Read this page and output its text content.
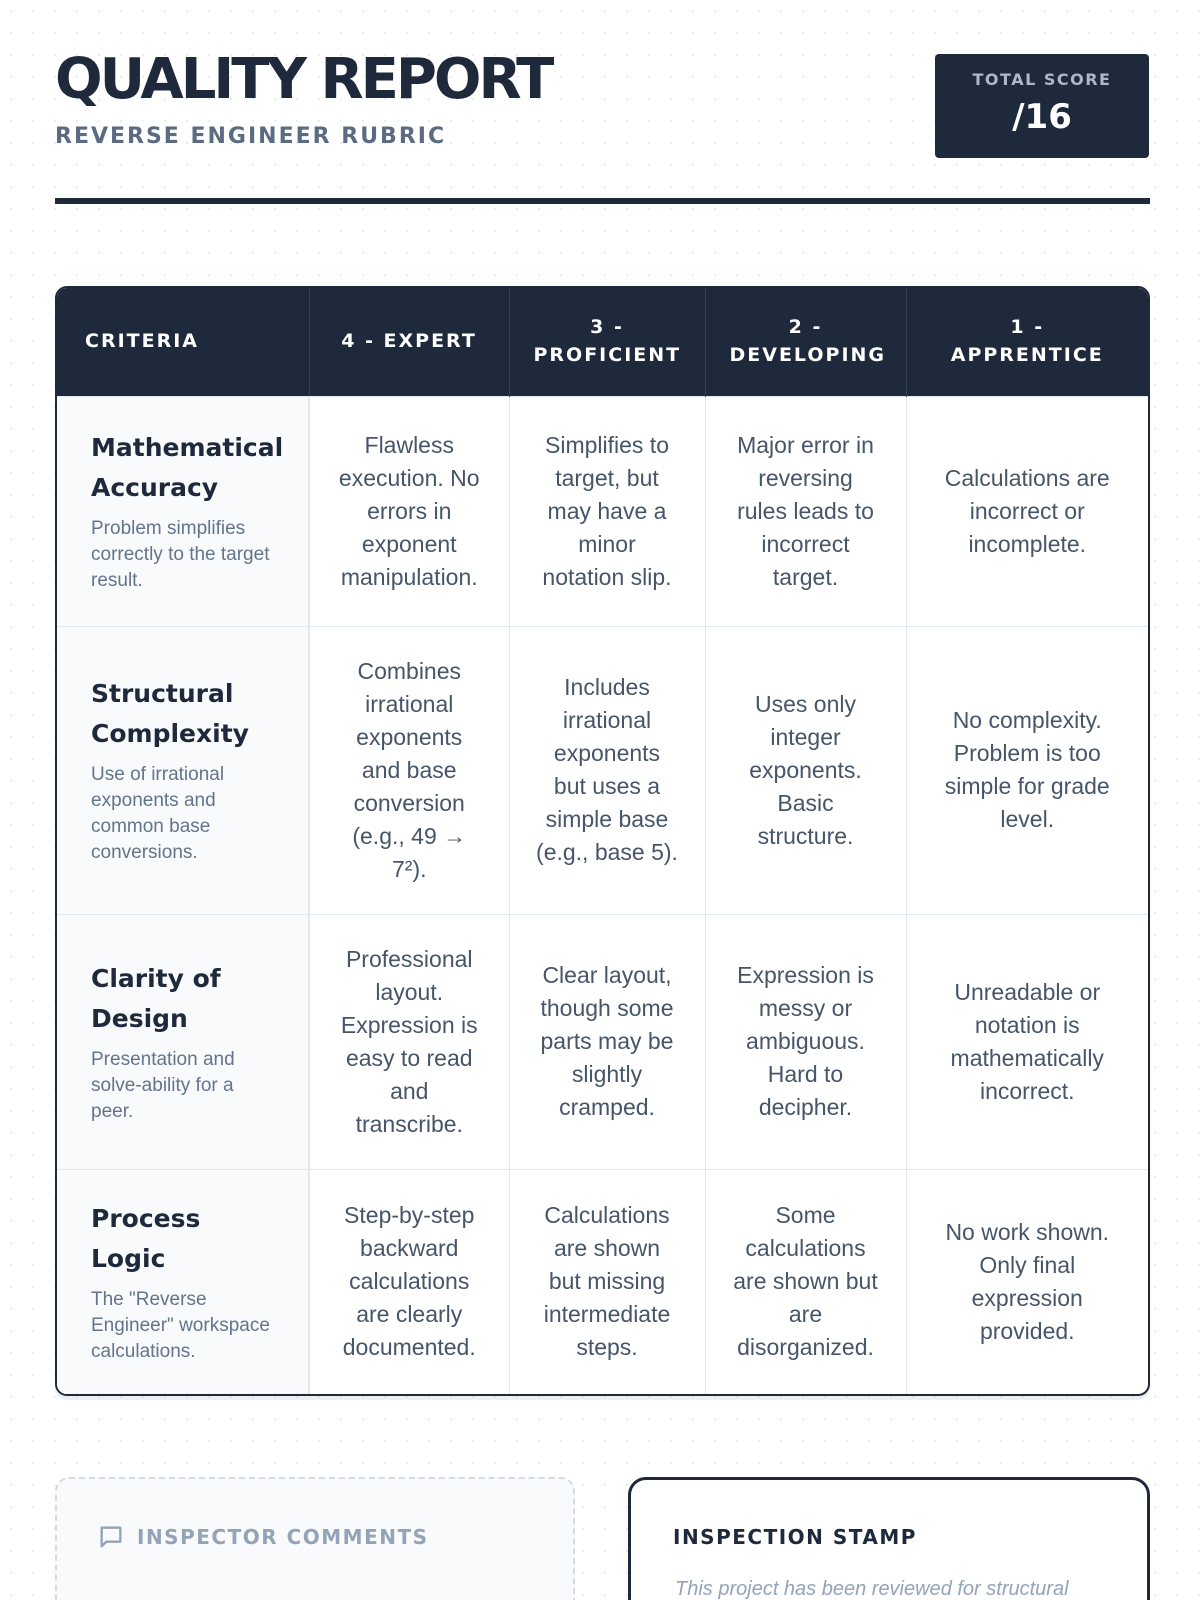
QUALITY REPORT
REVERSE ENGINEER RUBRIC
TOTAL SCORE
/16
CRITERIA	4 - EXPERT	3 - PROFICIENT	2 - DEVELOPING	1 - APPRENTICE

Mathematical Accuracy
Problem simplifies correctly to the target result.	Flawless execution. No errors in exponent manipulation.	Simplifies to target, but may have a minor notation slip.	Major error in reversing rules leads to incorrect target.	Calculations are incorrect or incomplete.

Structural Complexity
Use of irrational exponents and common base conversions.	Combines irrational exponents and base conversion (e.g., 49 → 7²).	Includes irrational exponents but uses a simple base (e.g., base 5).	Uses only integer exponents. Basic structure.	No complexity. Problem is too simple for grade level.

Clarity of Design
Presentation and solve-ability for a peer.	Professional layout. Expression is easy to read and transcribe.	Clear layout, though some parts may be slightly cramped.	Expression is messy or ambiguous. Hard to decipher.	Unreadable or notation is mathematically incorrect.

Process Logic
The "Reverse Engineer" workspace calculations.	Step-by-step backward calculations are clearly documented.	Calculations are shown but missing intermediate steps.	Some calculations are shown but are disorganized.	No work shown. Only final expression provided.
INSPECTOR COMMENTS	INSPECTION STAMP
This project has been reviewed for structural
